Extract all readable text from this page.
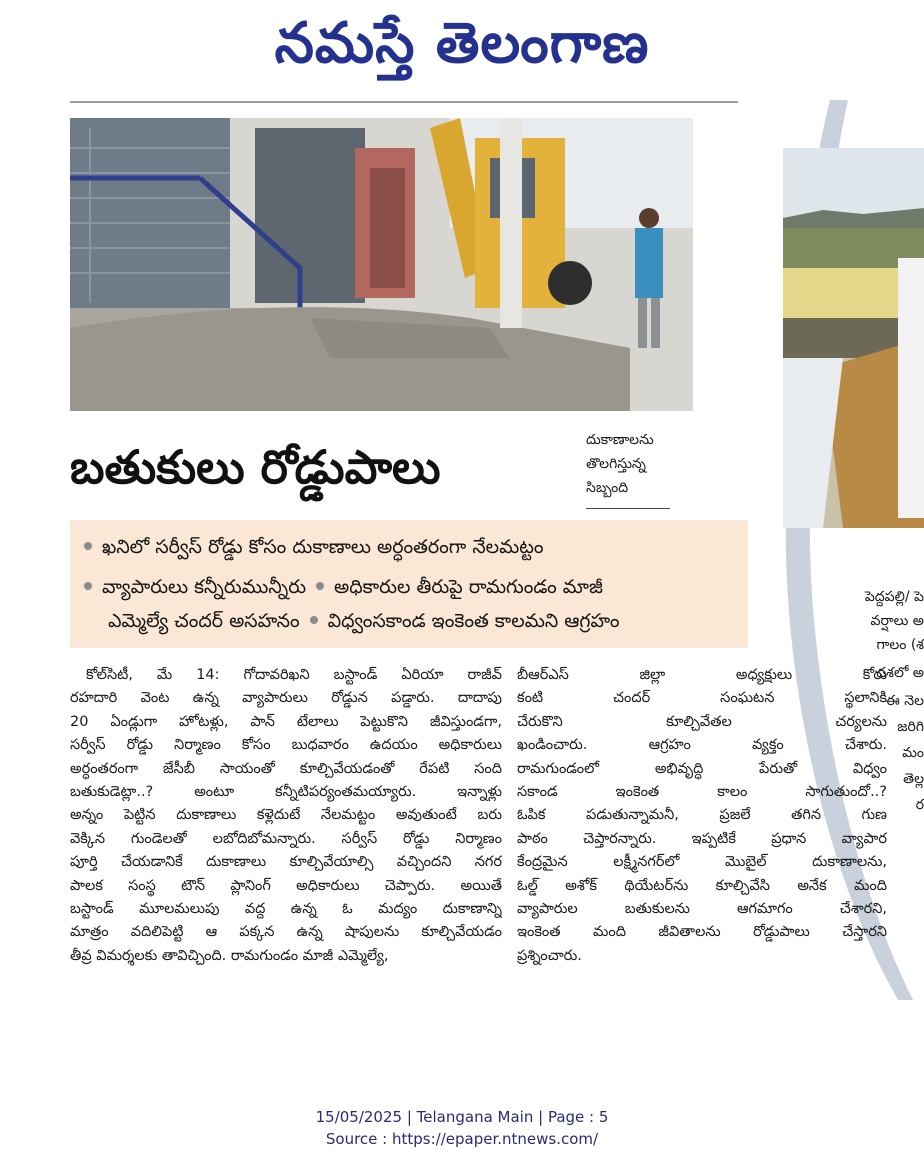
నమస్తే తెలంగాణ
పెద్దపల్లి/ పె
వర్షాలు అ
గాలం (శ
దశలో అ
ఈ నెల
జరిగి
మం
తెల్ల
ర
బతుకులు రోడ్డుపాలు	దుకాణాలను
తొలగిస్తున్న
సిబ్బంది
ఖనిలో సర్వీస్ రోడ్డు కోసం దుకాణాలు అర్ధంతరంగా నేలమట్టం
వ్యాపారులు కన్నీరుమున్నీరు అధికారుల తీరుపై రామగుండం మాజీ
ఎమ్మెల్యే చందర్ అసహనం విధ్వంసకాండ ఇంకెంత కాలమని ఆగ్రహం
కోల్‌సిటీ, మే 14: గోదావరిఖని బస్టాండ్ ఏరియా రాజీవ్
రహదారి వెంట ఉన్న వ్యాపారులు రోడ్డున పడ్డారు. దాదాపు
20 ఏండ్లుగా హోటళ్లు, పాన్ టేలాలు పెట్టుకొని జీవిస్తుండగా,
సర్వీస్ రోడ్డు నిర్మాణం కోసం బుధవారం ఉదయం అధికారులు
అర్ధంతరంగా జేసీబీ సాయంతో కూల్చివేయడంతో రేపటి సంది
బతుకుడెట్లా..? అంటూ కన్నీటిపర్యంతమయ్యారు. ఇన్నాళ్లు
అన్నం పెట్టిన దుకాణాలు కళ్లెదుటే నేలమట్టం అవుతుంటే బరు
వెక్కిన గుండెలతో లబోదిబోమన్నారు. సర్వీస్ రోడ్డు నిర్మాణం
పూర్తి చేయడానికే దుకాణాలు కూల్చివేయాల్సి వచ్చిందని నగర
పాలక సంస్థ టౌన్ ప్లానింగ్ అధికారులు చెప్పారు. అయితే
బస్టాండ్ మూలమలుపు వద్ద ఉన్న ఓ మద్యం దుకాణాన్ని
మాత్రం వదిలిపెట్టి ఆ పక్కన ఉన్న షాపులను కూల్చివేయడం
తీవ్ర విమర్శలకు తావిచ్చింది. రామగుండం మాజీ ఎమ్మెల్యే,
బీఆర్ఎస్ జిల్లా అధ్యక్షులు కోరు
కంటి చందర్ సంఘటన స్థలానికి
చేరుకొని కూల్చివేతల చర్యలను
ఖండించారు. ఆగ్రహం వ్యక్తం చేశారు.
రామగుండంలో అభివృద్ధి పేరుతో విధ్వం
సకాండ ఇంకెంత కాలం సాగుతుందో..?
ఓపిక పడుతున్నామనీ, ప్రజలే తగిన గుణ
పాఠం చెప్తారన్నారు. ఇప్పటికే ప్రధాన వ్యాపార
కేంద్రమైన లక్ష్మీనగర్‌లో మొబైల్ దుకాణాలను,
ఓల్డ్ అశోక్ థియేటర్‌ను కూల్చివేసి అనేక మంది
వ్యాపారుల బతుకులను ఆగమాగం చేశారని,
ఇంకెంత మంది జీవితాలను రోడ్డుపాలు చేస్తారని
ప్రశ్నించారు.
15/05/2025 | Telangana Main | Page : 5
Source : https://epaper.ntnews.com/
